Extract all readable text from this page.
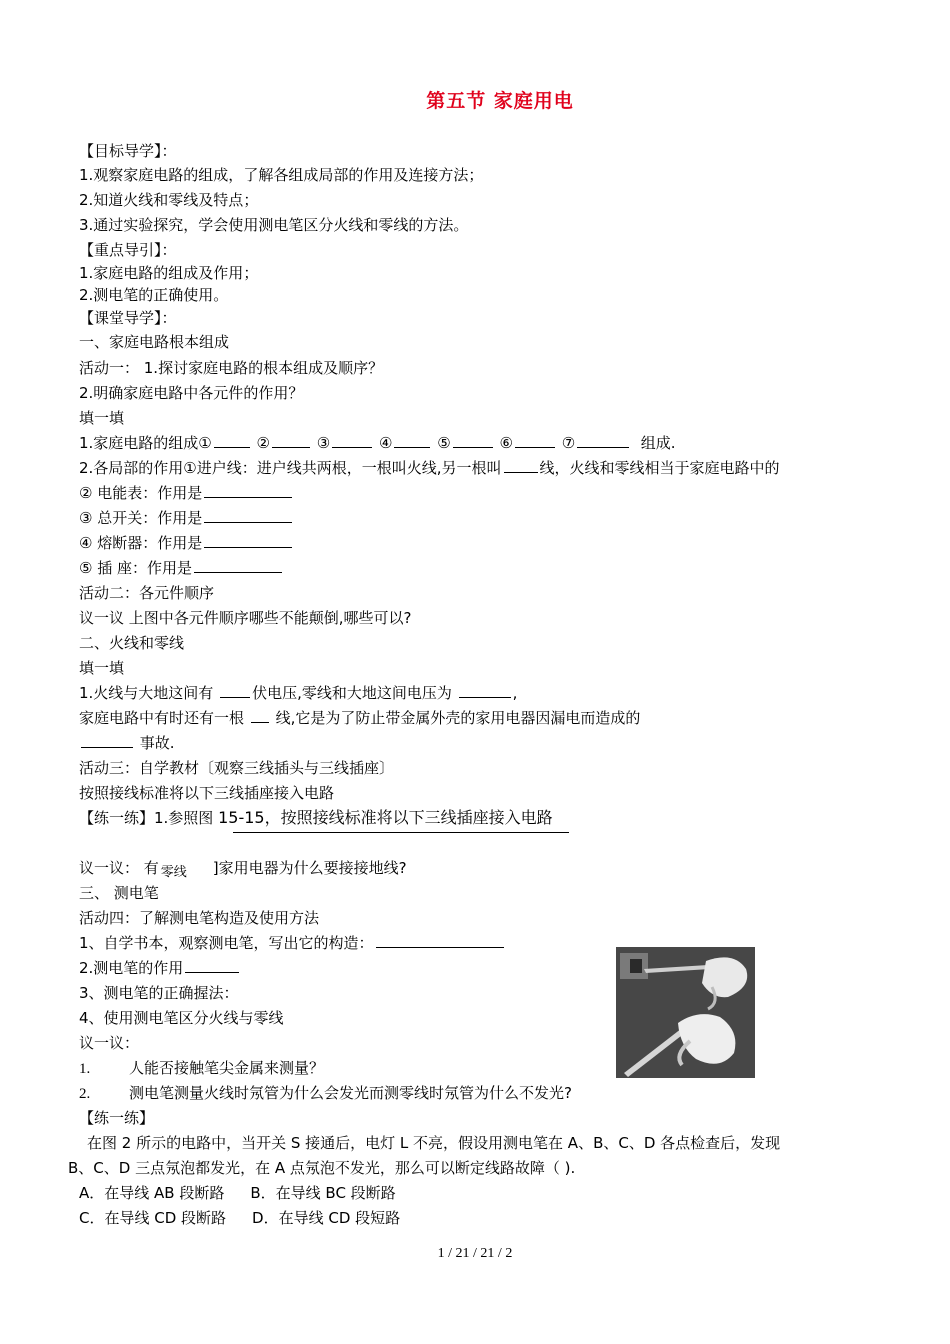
第五节 家庭用电
【目标导学】：
1.观察家庭电路的组成，了解各组成局部的作用及连接方法；
2.知道火线和零线及特点；
3.通过实验探究，学会使用测电笔区分火线和零线的方法。
【重点导引】：
1.家庭电路的组成及作用；
2.测电笔的正确使用。
【课堂导学】：
一、家庭电路根本组成
活动一： 1.探讨家庭电路的根本组成及顺序？
2.明确家庭电路中各元件的作用？
填一填
1.家庭电路的组成①	②	③	④	⑤	⑥	⑦	组成.
2.各局部的作用①进户线：进户线共两根，一根叫火线,另一根叫	线，火线和零线相当于家庭电路中的
② 电能表：作用是
③ 总开关：作用是
④ 熔断器：作用是
⑤ 插 座：作用是
活动二：各元件顺序
议一议 上图中各元件顺序哪些不能颠倒,哪些可以?
二、火线和零线
填一填
1.火线与大地这间有	伏电压,零线和大地这间电压为	,
家庭电路中有时还有一根 线,它是为了防止带金属外壳的家用电器因漏电而造成的
事故.
活动三：自学教材〔观察三线插头与三线插座〕
按照接线标准将以下三线插座接入电路
【练一练】1.参照图 15-15，按照接线标准将以下三线插座接入电路
议一议： 有 零线 ]家用电器为什么要接接地线?
三、 测电笔
活动四：了解测电笔构造及使用方法
1、自学书本，观察测电笔，写出它的构造：
2.测电笔的作用
3、测电笔的正确握法：
4、使用测电笔区分火线与零线
议一议：
1.	人能否接触笔尖金属来测量？
2.	测电笔测量火线时氖管为什么会发光而测零线时氖管为什么不发光?
【练一练】
在图 2 所示的电路中，当开关 S 接通后，电灯 L 不亮，假设用测电笔在 A、B、C、D 各点检查后，发现
B、C、D 三点氖泡都发光，在 A 点氖泡不发光，那么可以断定线路故障（ ).
A．在导线 AB 段断路 B．在导线 BC 段断路
C．在导线 CD 段断路 D．在导线 CD 段短路
1 / 21 / 21 / 2
